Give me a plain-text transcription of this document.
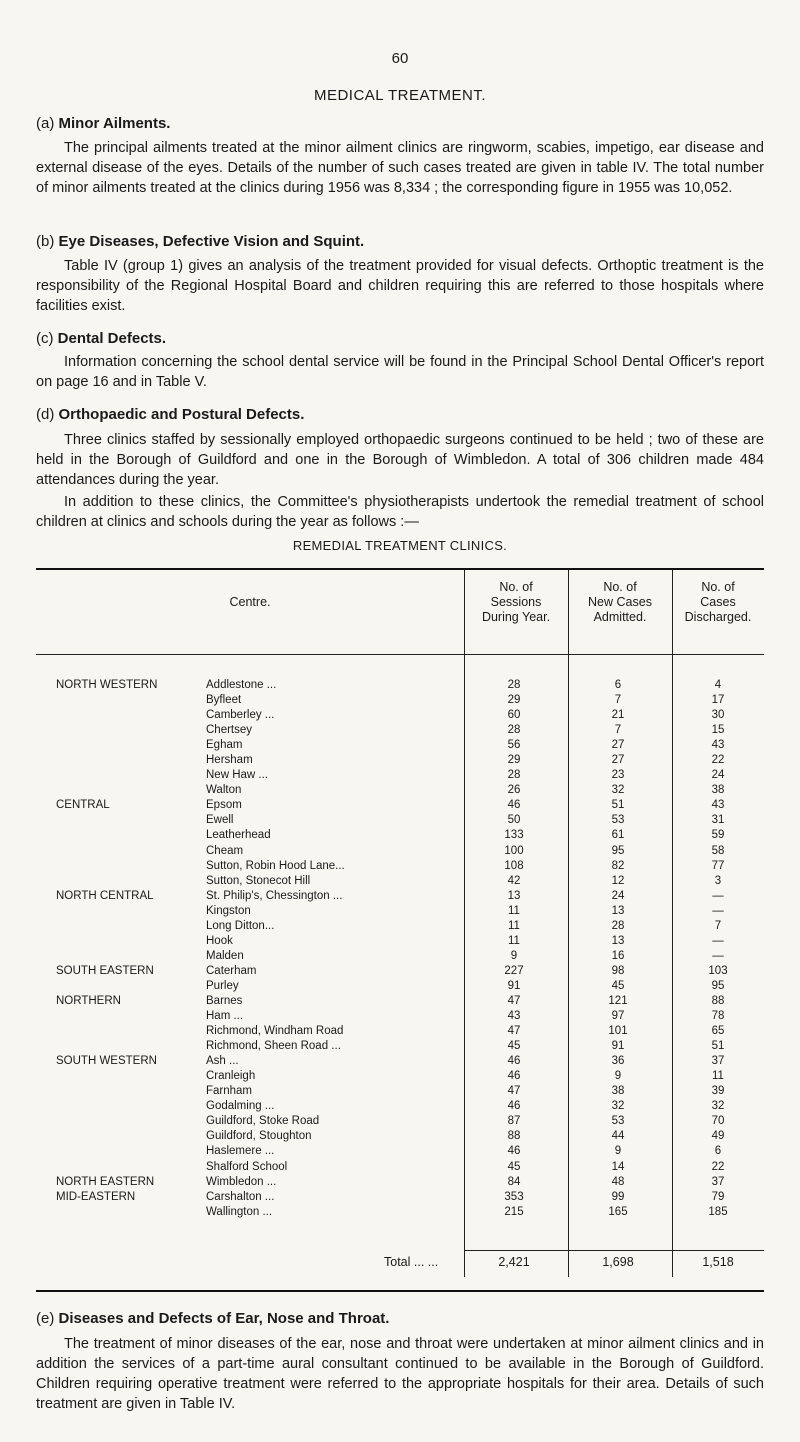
60
MEDICAL TREATMENT.
(a) Minor Ailments.
The principal ailments treated at the minor ailment clinics are ringworm, scabies, impetigo, ear disease and external disease of the eyes. Details of the number of such cases treated are given in table IV. The total number of minor ailments treated at the clinics during 1956 was 8,334 ; the corresponding figure in 1955 was 10,052.
(b) Eye Diseases, Defective Vision and Squint.
Table IV (group 1) gives an analysis of the treatment provided for visual defects. Orthoptic treatment is the responsibility of the Regional Hospital Board and children requiring this are referred to those hospitals where facilities exist.
(c) Dental Defects.
Information concerning the school dental service will be found in the Principal School Dental Officer's report on page 16 and in Table V.
(d) Orthopaedic and Postural Defects.
Three clinics staffed by sessionally employed orthopaedic surgeons continued to be held ; two of these are held in the Borough of Guildford and one in the Borough of Wimbledon. A total of 306 children made 484 attendances during the year.
In addition to these clinics, the Committee's physiotherapists undertook the remedial treatment of school children at clinics and schools during the year as follows :—
REMEDIAL TREATMENT CLINICS.
Centre.
No. of
Sessions
During Year.
No. of
New Cases
Admitted.
No. of
Cases
Discharged.
NORTH WESTERN	Addlestone ...	28	6	4
Byfleet	29	7	17
Camberley ...	60	21	30
Chertsey	28	7	15
Egham	56	27	43
Hersham	29	27	22
New Haw ...	28	23	24
Walton	26	32	38
CENTRAL	Epsom	46	51	43
Ewell	50	53	31
Leatherhead	133	61	59
Cheam	100	95	58
Sutton, Robin Hood Lane...	108	82	77
Sutton, Stonecot Hill	42	12	3
NORTH CENTRAL	St. Philip's, Chessington ...	13	24	—
Kingston	11	13	—
Long Ditton...	11	28	7
Hook	11	13	—
Malden	9	16	—
SOUTH EASTERN	Caterham	227	98	103
Purley	91	45	95
NORTHERN	Barnes	47	121	88
Ham ...	43	97	78
Richmond, Windham Road	47	101	65
Richmond, Sheen Road ...	45	91	51
SOUTH WESTERN	Ash ...	46	36	37
Cranleigh	46	9	11
Farnham	47	38	39
Godalming ...	46	32	32
Guildford, Stoke Road	87	53	70
Guildford, Stoughton	88	44	49
Haslemere ...	46	9	6
Shalford School	45	14	22
NORTH EASTERN	Wimbledon ...	84	48	37
MID-EASTERN	Carshalton ...	353	99	79
Wallington ...	215	165	185
Total ... ...	2,421	1,698	1,518
(e) Diseases and Defects of Ear, Nose and Throat.
The treatment of minor diseases of the ear, nose and throat were undertaken at minor ailment clinics and in addition the services of a part-time aural consultant continued to be available in the Borough of Guildford. Children requiring operative treatment were referred to the appropriate hospitals for their area. Details of such treatment are given in Table IV.
